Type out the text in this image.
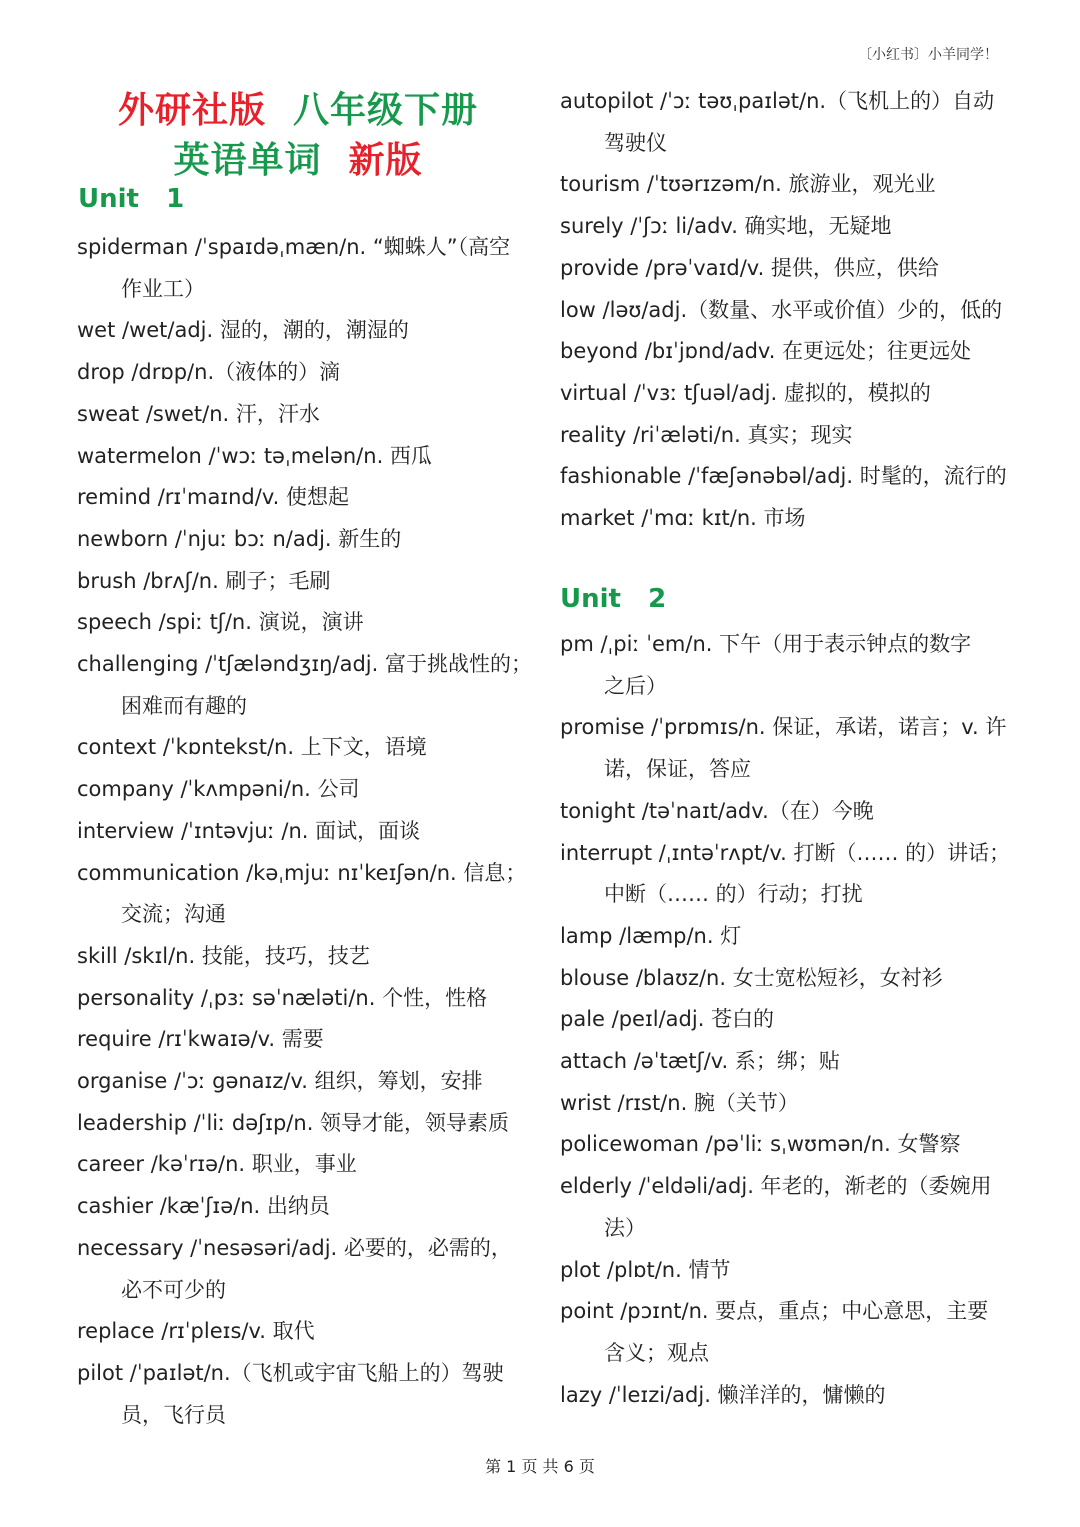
〔小红书〕小羊同学！
外研社版 八年级下册
英语单词 新版
Unit   1
spiderman /ˈspaɪdəˌmæn/n. “蜘蛛人”（高空
作业工）
wet /wet/adj. 湿的，潮的，潮湿的
drop /drɒp/n.（液体的）滴
sweat /swet/n. 汗，汗水
watermelon /ˈwɔː təˌmelən/n. 西瓜
remind /rɪˈmaɪnd/v. 使想起
newborn /ˈnjuː bɔː n/adj. 新生的
brush /brʌʃ/n. 刷子；毛刷
speech /spiː tʃ/n. 演说，演讲
challenging /ˈtʃæləndʒɪŋ/adj. 富于挑战性的；
困难而有趣的
context /ˈkɒntekst/n. 上下文，语境
company /ˈkʌmpəni/n. 公司
interview /ˈɪntəvjuː /n. 面试，面谈
communication /kəˌmjuː nɪˈkeɪʃən/n. 信息；
交流；沟通
skill /skɪl/n. 技能，技巧，技艺
personality /ˌpɜː səˈnæləti/n. 个性，性格
require /rɪˈkwaɪə/v. 需要
organise /ˈɔː gənaɪz/v. 组织，筹划，安排
leadership /ˈliː dəʃɪp/n. 领导才能，领导素质
career /kəˈrɪə/n. 职业，事业
cashier /kæˈʃɪə/n. 出纳员
necessary /ˈnesəsəri/adj. 必要的，必需的，
必不可少的
replace /rɪˈpleɪs/v. 取代
pilot /ˈpaɪlət/n.（飞机或宇宙飞船上的）驾驶
员，飞行员
autopilot /ˈɔː təʊˌpaɪlət/n.（飞机上的）自动
驾驶仪
tourism /ˈtʊərɪzəm/n. 旅游业，观光业
surely /ˈʃɔː li/adv. 确实地，无疑地
provide /prəˈvaɪd/v. 提供，供应，供给
low /ləʊ/adj.（数量、水平或价值）少的，低的
beyond /bɪˈjɒnd/adv. 在更远处；往更远处
virtual /ˈvɜː tʃuəl/adj. 虚拟的，模拟的
reality /riˈæləti/n. 真实；现实
fashionable /ˈfæʃənəbəl/adj. 时髦的，流行的
market /ˈmɑː kɪt/n. 市场
Unit   2
pm /ˌpiː ˈem/n. 下午（用于表示钟点的数字
之后）
promise /ˈprɒmɪs/n. 保证，承诺，诺言；v. 许
诺，保证，答应
tonight /təˈnaɪt/adv.（在）今晚
interrupt /ˌɪntəˈrʌpt/v. 打断（…… 的）讲话；
中断（…… 的）行动；打扰
lamp /læmp/n. 灯
blouse /blaʊz/n. 女士宽松短衫，女衬衫
pale /peɪl/adj. 苍白的
attach /əˈtætʃ/v. 系；绑；贴
wrist /rɪst/n. 腕（关节）
policewoman /pəˈliː sˌwʊmən/n. 女警察
elderly /ˈeldəli/adj. 年老的，渐老的（委婉用
法）
plot /plɒt/n. 情节
point /pɔɪnt/n. 要点，重点；中心意思，主要
含义；观点
lazy /ˈleɪzi/adj. 懒洋洋的，慵懒的
第 1 页 共 6 页
